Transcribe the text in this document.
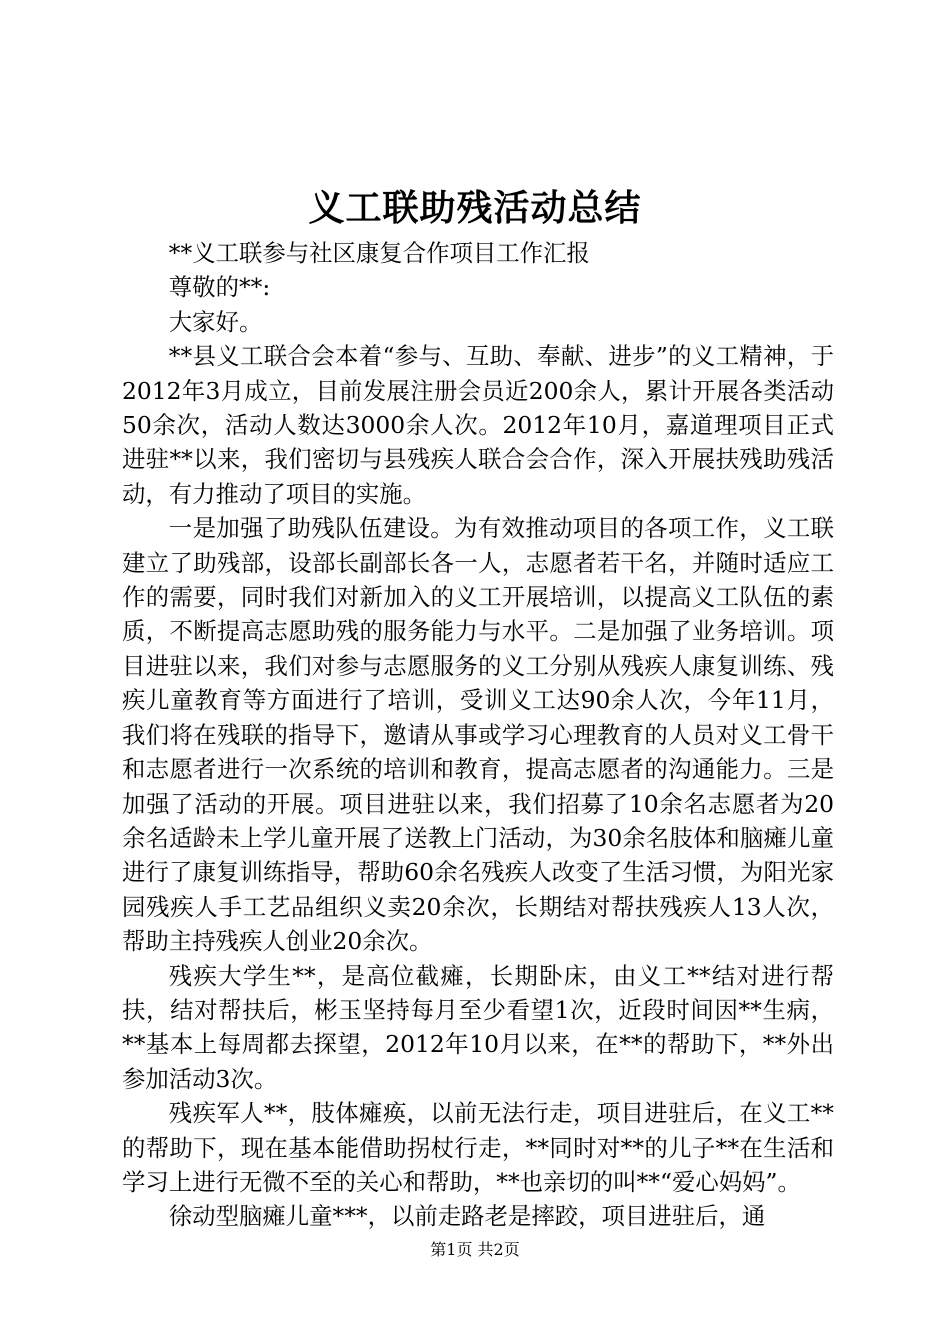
义工联助残活动总结

**义工联参与社区康复合作项目工作汇报

尊敬的**:

大家好。

**县义工联合会本着“参与、互助、奉献、进步”的义工精神，于2012年3月成立，目前发展注册会员近200余人，累计开展各类活动50余次，活动人数达3000余人次。2012年10月，嘉道理项目正式进驻**以来，我们密切与县残疾人联合会合作，深入开展扶残助残活动，有力推动了项目的实施。

一是加强了助残队伍建设。为有效推动项目的各项工作，义工联建立了助残部，设部长副部长各一人，志愿者若干名，并随时适应工作的需要，同时我们对新加入的义工开展培训，以提高义工队伍的素质，不断提高志愿助残的服务能力与水平。二是加强了业务培训。项目进驻以来，我们对参与志愿服务的义工分别从残疾人康复训练、残疾儿童教育等方面进行了培训，受训义工达90余人次，今年11月，我们将在残联的指导下，邀请从事或学习心理教育的人员对义工骨干和志愿者进行一次系统的培训和教育，提高志愿者的沟通能力。三是加强了活动的开展。项目进驻以来，我们招募了10余名志愿者为20余名适龄未上学儿童开展了送教上门活动，为30余名肢体和脑瘫儿童进行了康复训练指导，帮助60余名残疾人改变了生活习惯，为阳光家园残疾人手工艺品组织义卖20余次，长期结对帮扶残疾人13人次，帮助主持残疾人创业20余次。

残疾大学生**，是高位截瘫，长期卧床，由义工**结对进行帮扶，结对帮扶后，彬玉坚持每月至少看望1次，近段时间因**生病，**基本上每周都去探望，2012年10月以来，在**的帮助下，**外出参加活动3次。

残疾军人**，肢体瘫痪，以前无法行走，项目进驻后，在义工**的帮助下，现在基本能借助拐杖行走，**同时对**的儿子**在生活和学习上进行无微不至的关心和帮助，**也亲切的叫**“爱心妈妈”。

徐动型脑瘫儿童***，以前走路老是摔跤，项目进驻后，通

第1页 共2页
